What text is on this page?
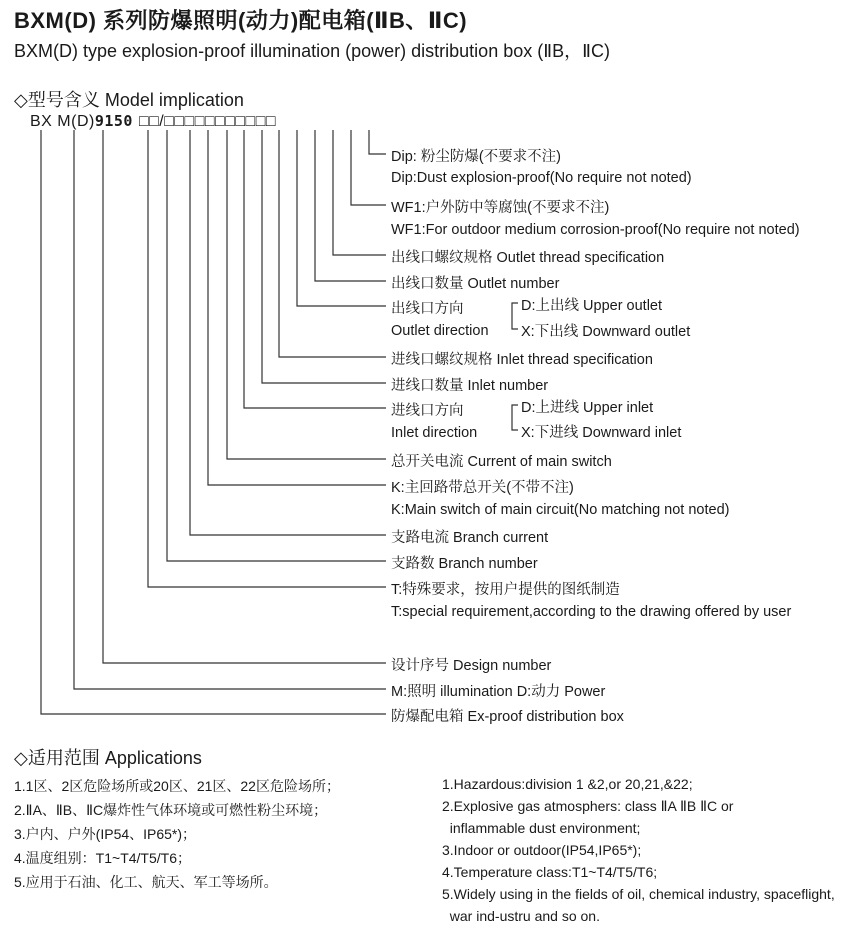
BXM(D) 系列防爆照明(动力)配电箱(ⅡB、ⅡC)
BXM(D) type explosion-proof illumination (power) distribution box (ⅡB，ⅡC)
◇型号含义 Model implication
BX M(D)9150 □□/□□□□□□□□□□□
Dip: 粉尘防爆(不要求不注)
Dip:Dust explosion-proof(No require not noted)
WF1:户外防中等腐蚀(不要求不注)
WF1:For outdoor medium corrosion-proof(No require not noted)
出线口螺纹规格 Outlet thread specification
出线口数量 Outlet number
出线口方向
Outlet direction
D:上出线 Upper outlet
X:下出线 Downward outlet
进线口螺纹规格 Inlet thread specification
进线口数量 Inlet number
进线口方向
Inlet direction
D:上进线 Upper inlet
X:下进线 Downward inlet
总开关电流 Current of main switch
K:主回路带总开关(不带不注)
K:Main switch of main circuit(No matching not noted)
支路电流 Branch current
支路数 Branch number
T:特殊要求，按用户提供的图纸制造
T:special requirement,according to the drawing offered by user
设计序号 Design number
M:照明 illumination D:动力 Power
防爆配电箱 Ex-proof distribution box
◇适用范围 Applications
1.1区、2区危险场所或20区、21区、22区危险场所；
2.ⅡA、ⅡB、ⅡC爆炸性气体环境或可燃性粉尘环境；
3.户内、户外(IP54、IP65*)；
4.温度组别：T1~T4/T5/T6；
5.应用于石油、化工、航天、军工等场所。
1.Hazardous:division 1 &2,or 20,21,&22;
2.Explosive gas atmosphers: class ⅡA ⅡB ⅡC or
inflammable dust environment;
3.Indoor or outdoor(IP54,IP65*);
4.Temperature class:T1~T4/T5/T6;
5.Widely using in the fields of oil, chemical industry, spaceflight,
war ind-ustru and so on.
